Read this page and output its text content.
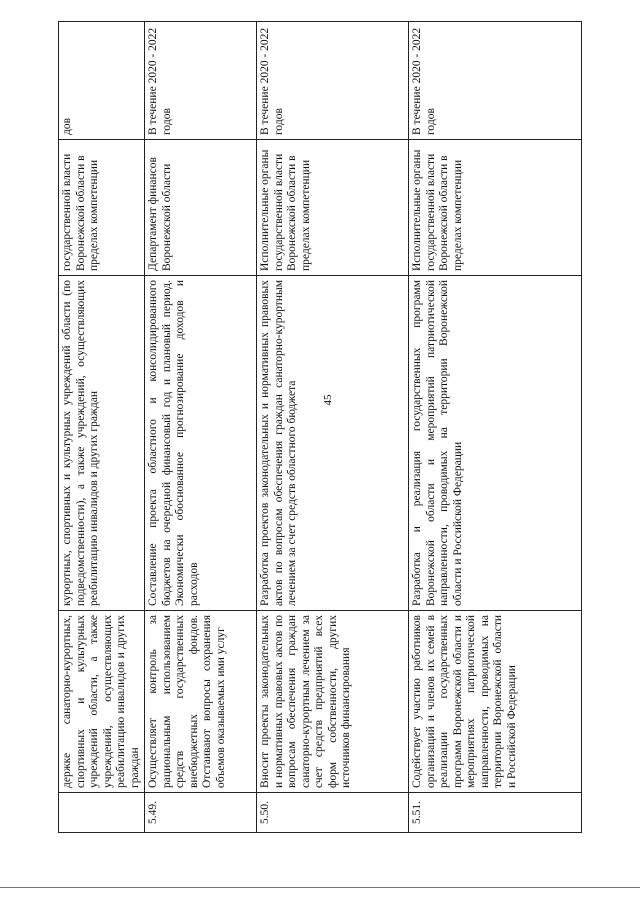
45
	держке санаторно-курортных, спортивных и культурных учреждений области, а также учреждений, осуществляющих реабилитацию инвалидов и других граждан	курортных, спортивных и культурных учреждений области (по подведомственности), а также учреждений, осуществляющих реабилитацию инвалидов и других граждан	государственной власти Воронежской области в пределах компетенции	дов
5.49.	Осуществляет контроль за рациональным использованием средств государственных внебюджетных фондов. Отстаивают вопросы сохранения объемов оказываемых ими услуг	Составление проекта областного и консолидированного бюджетов на очередной финансовый год и плановый период. Экономически обоснованное прогнозирование доходов и расходов	Департамент финансов Воронежской области	В течение 2020 - 2022 годов
5.50.	Вносит проекты законодательных и нормативных правовых актов по вопросам обеспечения граждан санаторно-курортным лечением за счет средств предприятий всех форм собственности, других источников финансирования	Разработка проектов законодательных и нормативных правовых актов по вопросам обеспечения граждан санаторно-курортным лечением за счет средств областного бюджета	Исполнительные органы государственной власти Воронежской области в пределах компетенции	В течение 2020 - 2022 годов
5.51.	Содействует участию работников организаций и членов их семей в реализации государственных программ Воронежской области и мероприятиях патриотической направленности, проводимых на территории Воронежской области и Российской Федерации	Разработка и реализация государственных программ Воронежской области и мероприятий патриотической направленности, проводимых на территории Воронежской области и Российской Федерации	Исполнительные органы государственной власти Воронежской области в пределах компетенции	В течение 2020 - 2022 годов
